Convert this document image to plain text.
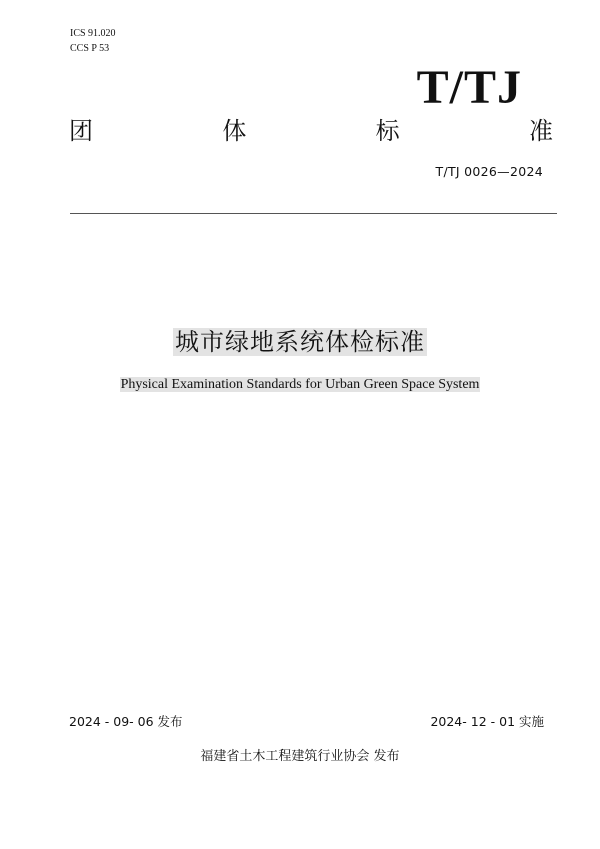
ICS 91.020
CCS P 53
T/TJ
团	体	标	准
T/TJ 0026—2024
城市绿地系统体检标准
Physical Examination Standards for Urban Green Space System
2024 - 09- 06 发布	2024- 12 - 01 实施
福建省土木工程建筑行业协会 发布
